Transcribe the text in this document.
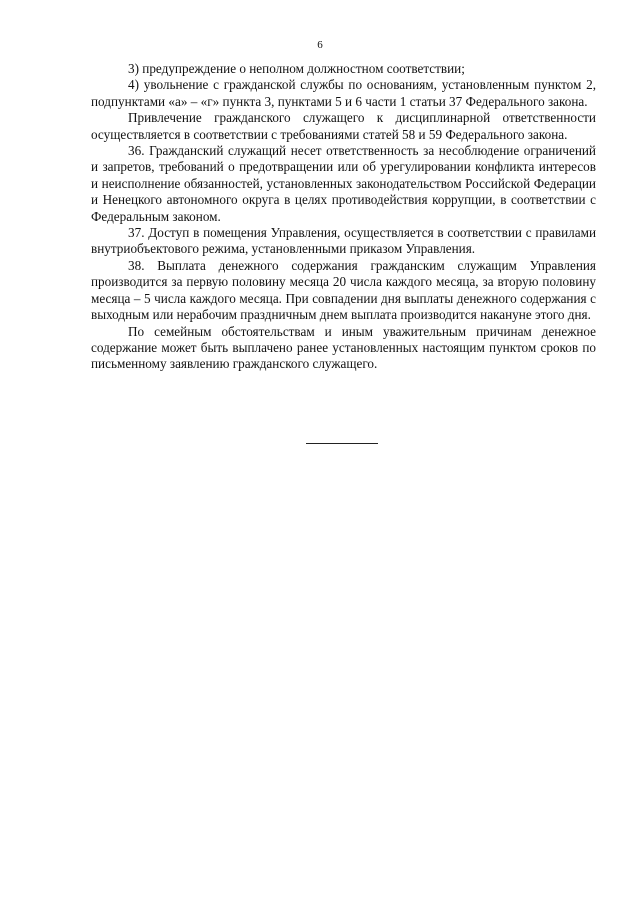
6

3) предупреждение о неполном должностном соответствии;

4) увольнение с гражданской службы по основаниям, установленным пунктом 2, подпунктами «а» – «г» пункта 3, пунктами 5 и 6 части 1 статьи 37 Федерального закона.

Привлечение гражданского служащего к дисциплинарной ответственности осуществляется в соответствии с требованиями статей 58 и 59 Федерального закона.

36. Гражданский служащий несет ответственность за несоблюдение ограничений и запретов, требований о предотвращении или об урегулировании конфликта интересов и неисполнение обязанностей, установленных законодательством Российской Федерации и Ненецкого автономного округа в целях противодействия коррупции, в соответствии с Федеральным законом.

37. Доступ в помещения Управления, осуществляется в соответствии с правилами внутриобъектового режима, установленными приказом Управления.

38. Выплата денежного содержания гражданским служащим Управления производится за первую половину месяца 20 числа каждого месяца, за вторую половину месяца – 5 числа каждого месяца. При совпадении дня выплаты денежного содержания с выходным или нерабочим праздничным днем выплата производится накануне этого дня.

По семейным обстоятельствам и иным уважительным причинам денежное содержание может быть выплачено ранее установленных настоящим пунктом сроков по письменному заявлению гражданского служащего.
